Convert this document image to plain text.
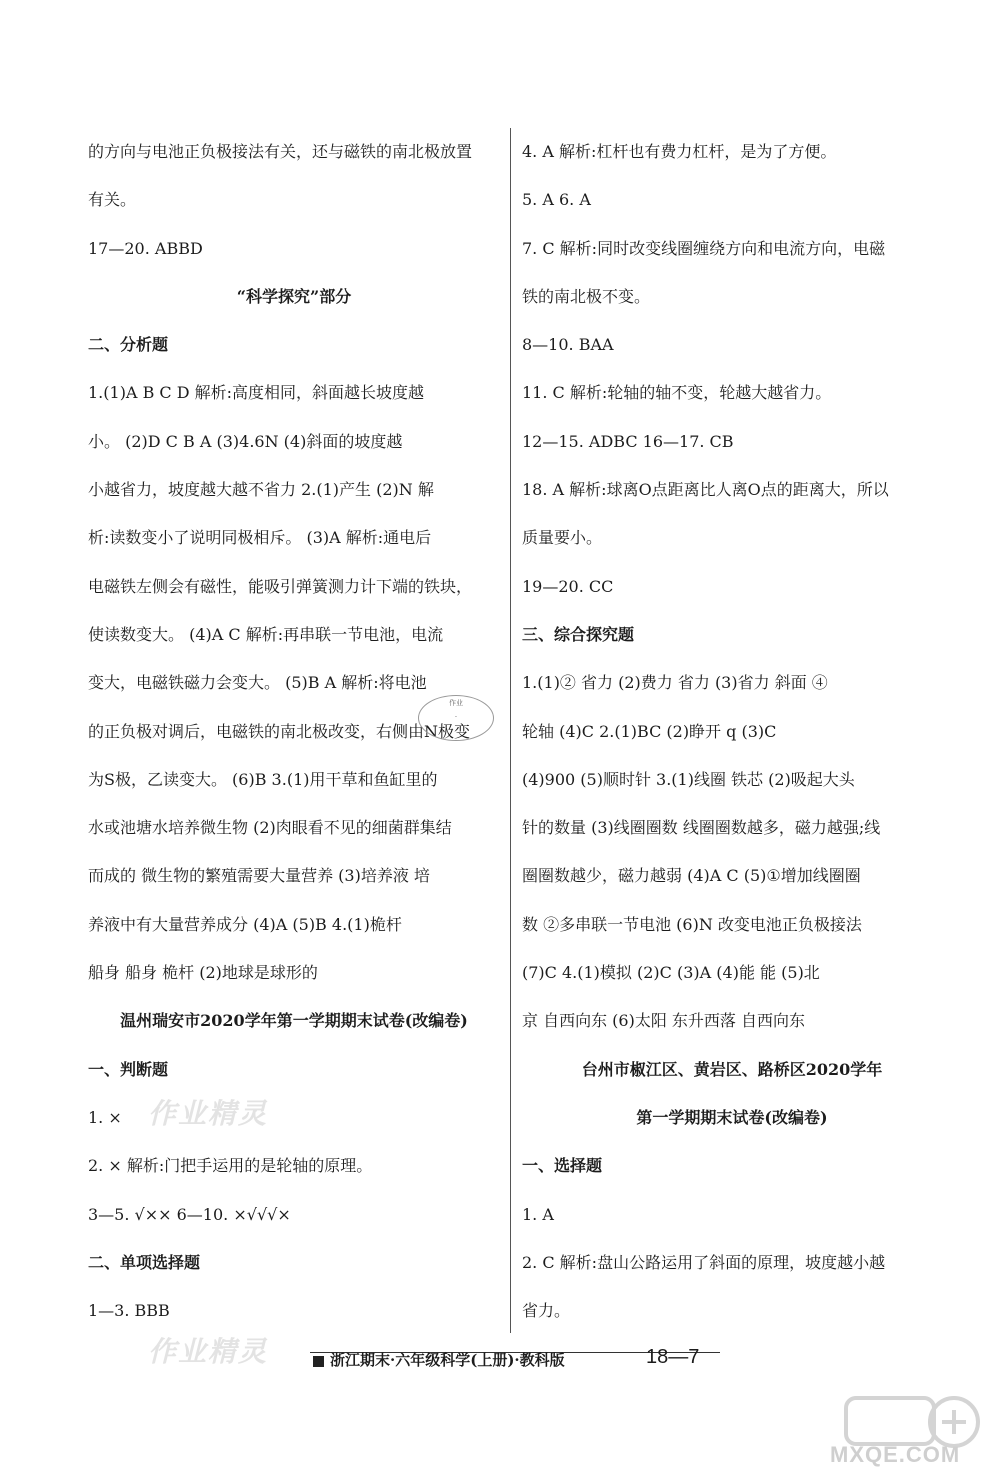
的方向与电池正负极接法有关，还与磁铁的南北极放置
有关。
17—20. ABBD
“科学探究”部分
二、分析题
1.(1)A B C D 解析:高度相同，斜面越长坡度越
小。 (2)D C B A (3)4.6N (4)斜面的坡度越
小越省力，坡度越大越不省力 2.(1)产生 (2)N 解
析:读数变小了说明同极相斥。 (3)A 解析:通电后
电磁铁左侧会有磁性，能吸引弹簧测力计下端的铁块，
使读数变大。 (4)A C 解析:再串联一节电池，电流
变大，电磁铁磁力会变大。 (5)B A 解析:将电池
的正负极对调后，电磁铁的南北极改变，右侧由N极变
为S极，乙读变大。 (6)B 3.(1)用干草和鱼缸里的
水或池塘水培养微生物 (2)肉眼看不见的细菌群集结
而成的 微生物的繁殖需要大量营养 (3)培养液 培
养液中有大量营养成分 (4)A (5)B 4.(1)桅杆
船身 船身 桅杆 (2)地球是球形的
温州瑞安市2020学年第一学期期末试卷(改编卷)
一、判断题
1. ×
2. × 解析:门把手运用的是轮轴的原理。
3—5. √×× 6—10. ×√√√×
二、单项选择题
1—3. BBB
4. A 解析:杠杆也有费力杠杆，是为了方便。
5. A 6. A
7. C 解析:同时改变线圈缠绕方向和电流方向，电磁
铁的南北极不变。
8—10. BAA
11. C 解析:轮轴的轴不变，轮越大越省力。
12—15. ADBC 16—17. CB
18. A 解析:球离O点距离比人离O点的距离大，所以
质量要小。
19—20. CC
三、综合探究题
1.(1)② 省力 (2)费力 省力 (3)省力 斜面 ④
轮轴 (4)C 2.(1)BC (2)睁开 q (3)C
(4)900 (5)顺时针 3.(1)线圈 铁芯 (2)吸起大头
针的数量 (3)线圈圈数 线圈圈数越多，磁力越强;线
圈圈数越少，磁力越弱 (4)A C (5)①增加线圈圈
数 ②多串联一节电池 (6)N 改变电池正负极接法
(7)C 4.(1)模拟 (2)C (3)A (4)能 能 (5)北
京 自西向东 (6)太阳 东升西落 自西向东
台州市椒江区、黄岩区、路桥区2020学年
第一学期期末试卷(改编卷)
一、选择题
1. A
2. C 解析:盘山公路运用了斜面的原理，坡度越小越
省力。
作业精灵
作业精灵
作业
·
浙江期末·六年级科学(上册)·教科版	18—7
MXQE.COM
